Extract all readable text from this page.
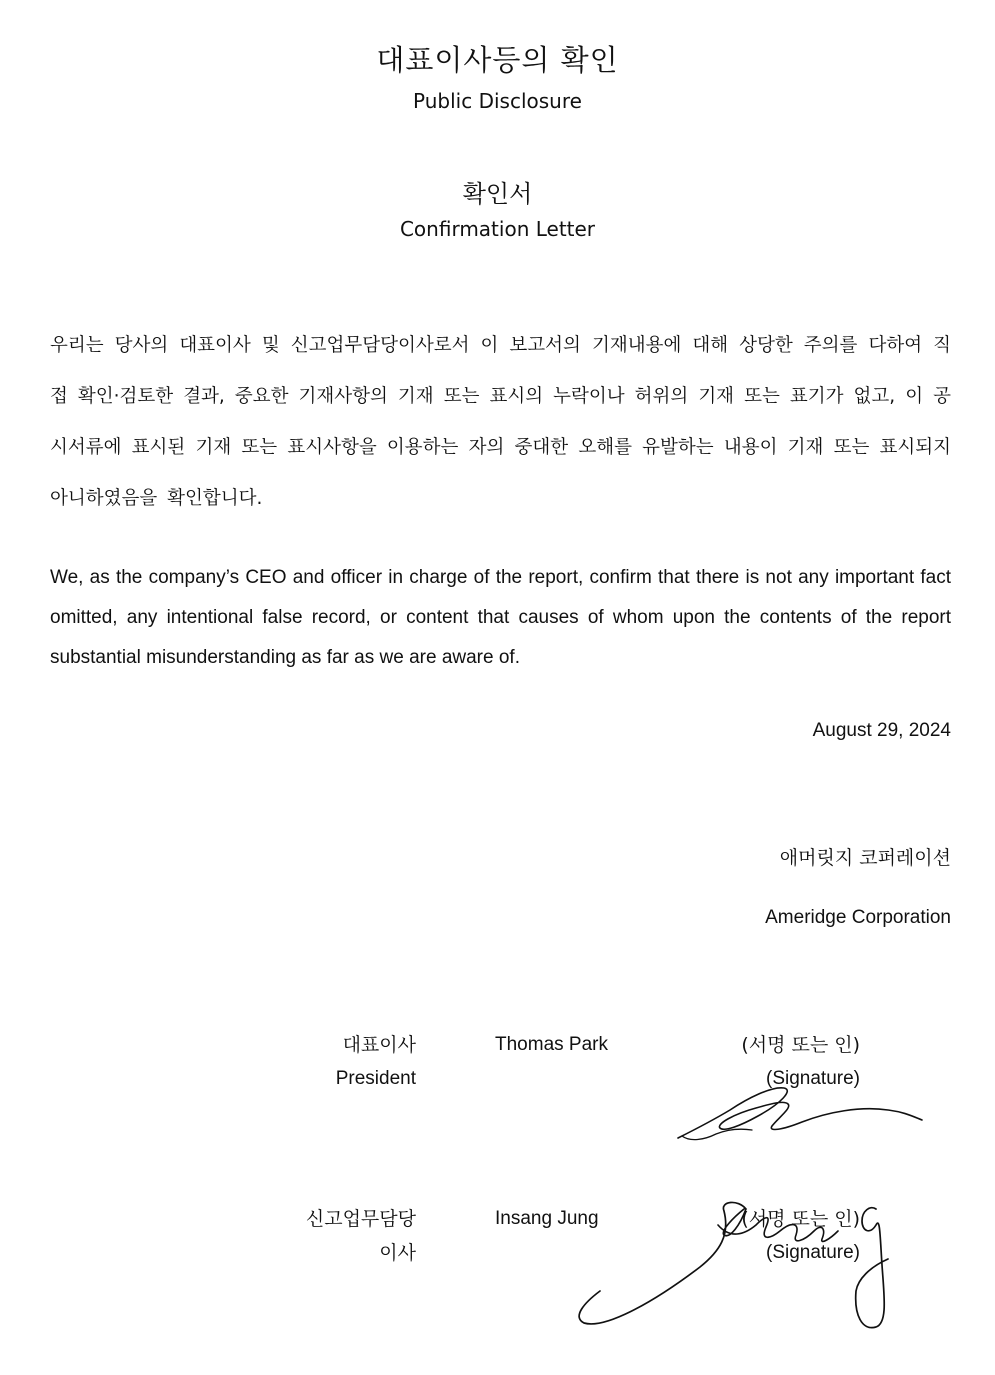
대표이사등의 확인
Public Disclosure
확인서
Confirmation Letter

우리는 당사의 대표이사 및 신고업무담당이사로서 이 보고서의 기재내용에 대해 상당한 주의를 다하여 직접 확인·검토한 결과, 중요한 기재사항의 기재 또는 표시의 누락이나 허위의 기재 또는 표기가 없고, 이 공시서류에 표시된 기재 또는 표시사항을 이용하는 자의 중대한 오해를 유발하는 내용이 기재 또는 표시되지 아니하였음을 확인합니다.

We, as the company’s CEO and officer in charge of the report, confirm that there is not any important fact omitted, any intentional false record, or content that causes of whom upon the contents of the report substantial misunderstanding as far as we are aware of.

August 29, 2024
애머릿지 코퍼레이션
Ameridge Corporation
대표이사
President
Thomas Park	(서명 또는 인)
(Signature)
신고업무담당
이사
Insang Jung	(서명 또는 인)
(Signature)
